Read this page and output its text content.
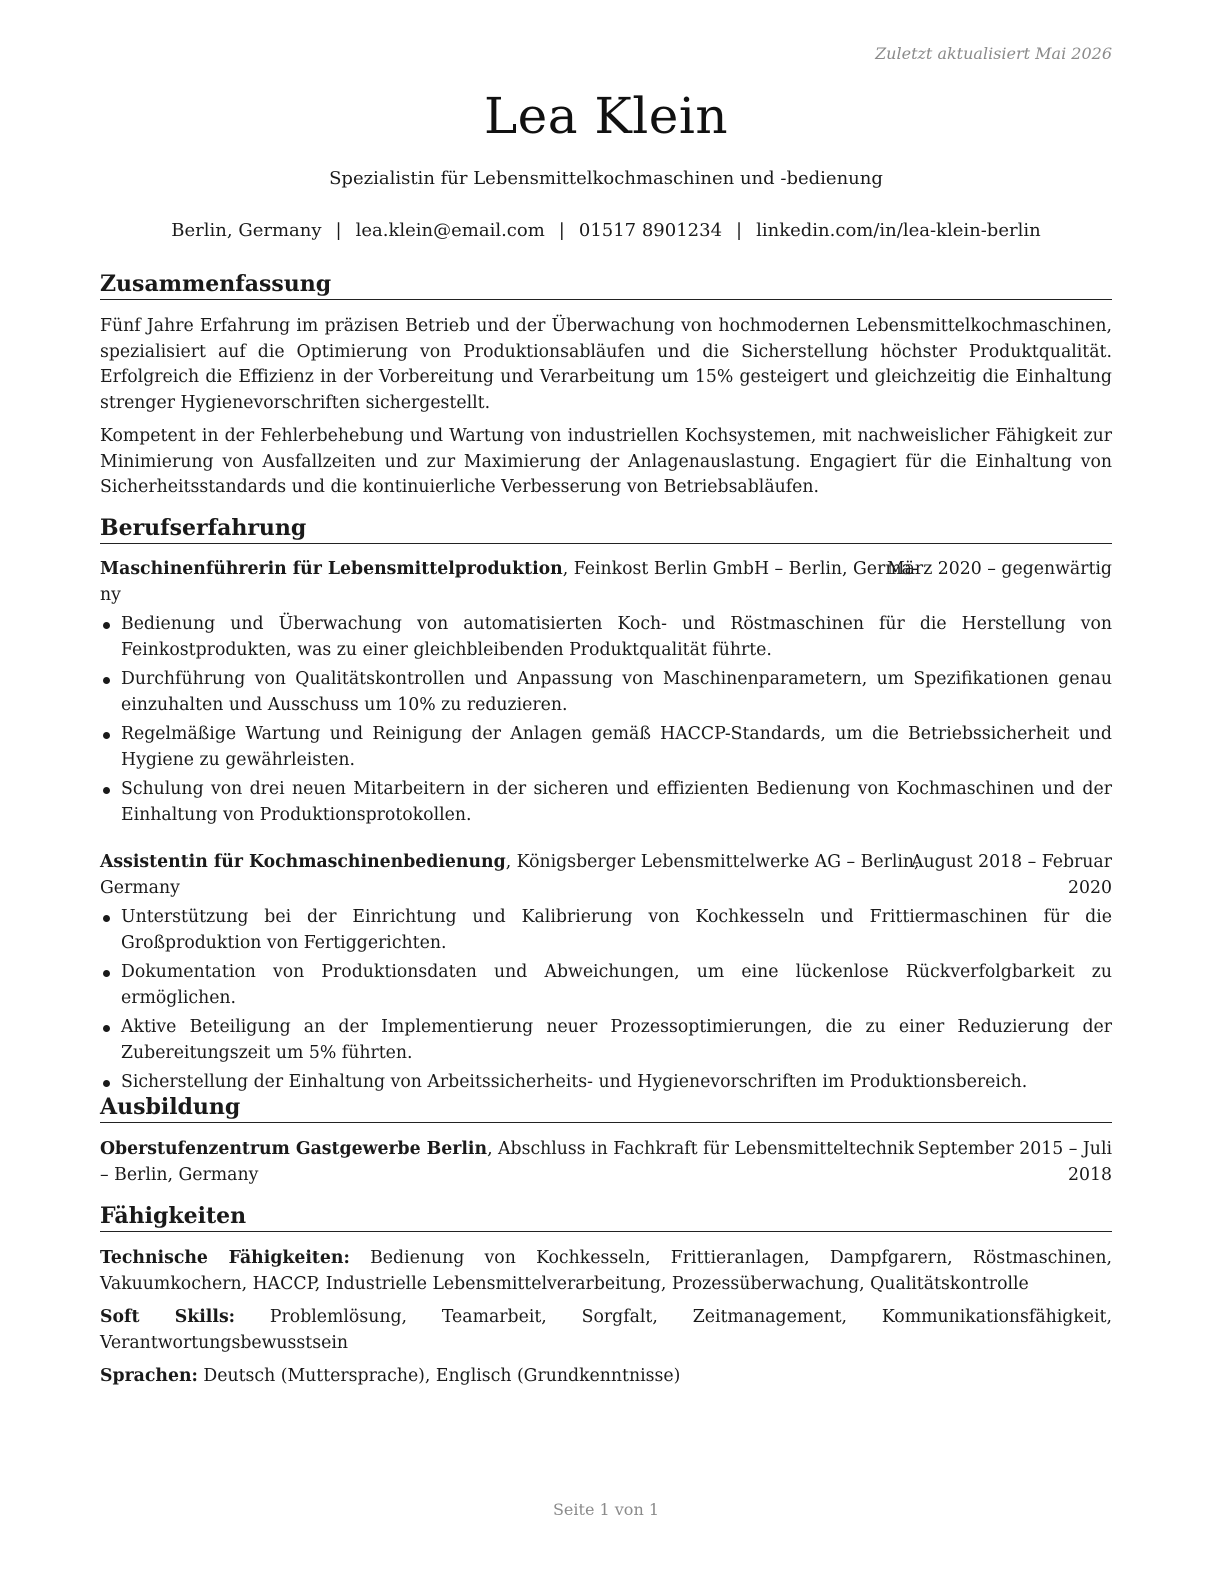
Zuletzt aktualisiert Mai 2026
Lea Klein
Spezialistin für Lebensmittelkochmaschinen und -bedienung
Berlin, Germany | lea.klein@email.com | 01517 8901234 | linkedin.com/in/lea-klein-berlin
Zusammenfassung
Fünf Jahre Erfahrung im präzisen Betrieb und der Überwachung von hochmodernen Lebensmittelkochmaschinen, spezialisiert auf die Optimierung von Produktionsabläufen und die Sicherstellung höchster Produktqualität. Erfolgreich die Effizienz in der Vorbereitung und Verarbeitung um 15% gesteigert und gleichzeitig die Einhaltung strenger Hygienevorschriften sichergestellt.
Kompetent in der Fehlerbehebung und Wartung von industriellen Kochsystemen, mit nachweislicher Fähigkeit zur Minimierung von Ausfallzeiten und zur Maximierung der Anlagenauslastung. Engagiert für die Einhaltung von Sicherheitsstandards und die kontinuierliche Verbesserung von Betriebsabläufen.
Berufserfahrung
Maschinenführerin für Lebensmittelproduktion, Feinkost Berlin GmbH – Berlin, Germa-
ny
März 2020 – gegenwärtig
Bedienung und Überwachung von automatisierten Koch- und Röstmaschinen für die Herstellung von Feinkostprodukten, was zu einer gleichbleibenden Produktqualität führte.
Durchführung von Qualitätskontrollen und Anpassung von Maschinenparametern, um Spezifikationen genau einzuhalten und Ausschuss um 10% zu reduzieren.
Regelmäßige Wartung und Reinigung der Anlagen gemäß HACCP-Standards, um die Betriebssicherheit und Hygiene zu gewährleisten.
Schulung von drei neuen Mitarbeitern in der sicheren und effizienten Bedienung von Kochmaschinen und der Einhaltung von Produktionsprotokollen.
Assistentin für Kochmaschinenbedienung, Königsberger Lebensmittelwerke AG – Berlin,
Germany
August 2018 – Februar
2020
Unterstützung bei der Einrichtung und Kalibrierung von Kochkesseln und Frittiermaschinen für die Großproduktion von Fertiggerichten.
Dokumentation von Produktionsdaten und Abweichungen, um eine lückenlose Rückverfolgbarkeit zu ermöglichen.
Aktive Beteiligung an der Implementierung neuer Prozessoptimierungen, die zu einer Reduzierung der Zubereitungszeit um 5% führten.
Sicherstellung der Einhaltung von Arbeitssicherheits- und Hygienevorschriften im Produktionsbereich.
Ausbildung
Oberstufenzentrum Gastgewerbe Berlin, Abschluss in Fachkraft für Lebensmitteltechnik
– Berlin, Germany
September 2015 – Juli
2018
Fähigkeiten
Technische Fähigkeiten: Bedienung von Kochkesseln, Frittieranlagen, Dampfgarern, Röstmaschinen, Vakuumkochern, HACCP, Industrielle Lebensmittelverarbeitung, Prozessüberwachung, Qualitätskontrolle
Soft Skills: Problemlösung, Teamarbeit, Sorgfalt, Zeitmanagement, Kommunikationsfähigkeit, Verantwortungsbewusstsein
Sprachen: Deutsch (Muttersprache), Englisch (Grundkenntnisse)
Seite 1 von 1
